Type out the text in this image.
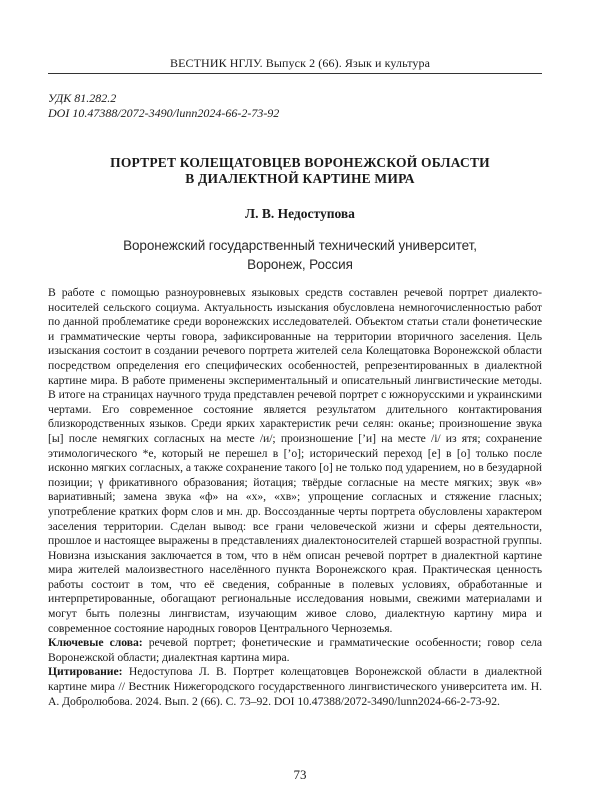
ВЕСТНИК НГЛУ. Выпуск 2 (66). Язык и культура
УДК 81.282.2
DOI 10.47388/2072-3490/lunn2024-66-2-73-92
ПОРТРЕТ КОЛЕЩАТОВЦЕВ ВОРОНЕЖСКОЙ ОБЛАСТИ
В ДИАЛЕКТНОЙ КАРТИНЕ МИРА
Л. В. Недоступова
Воронежский государственный технический университет,
Воронеж, Россия

В работе с помощью разноуровневых языковых средств составлен речевой портрет диалектоносителей сельского социума. Актуальность изыскания обусловлена немногочисленностью работ по данной проблематике среди воронежских исследователей. Объектом статьи стали фонетические и грамматические черты говора, зафиксированные на территории вторичного заселения. Цель изыскания состоит в создании речевого портрета жителей села Колещатовка Воронежской области посредством определения его специфических особенностей, репрезентированных в диалектной картине мира. В работе применены экспериментальный и описательный лингвистические методы. В итоге на страницах научного труда представлен речевой портрет с южнорусскими и украинскими чертами. Его современное состояние является результатом длительного контактирования близкородственных языков. Среди ярких характеристик речи селян: оканье; произношение звука [ы] после немягких согласных на месте /и/; произношение [’и] на месте /i/ из ятя; сохранение этимологического *е, который не перешел в [’о]; исторический переход [е] в [о] только после исконно мягких согласных, а также сохранение такого [о] не только под ударением, но в безударной позиции; γ фрикативного образования; йотация; твёрдые согласные на месте мягких; звук «в» вариативный; замена звука «ф» на «х», «хв»; упрощение согласных и стяжение гласных; употребление кратких форм слов и мн. др. Воссозданные черты портрета обусловлены характером заселения территории. Сделан вывод: все грани человеческой жизни и сферы деятельности, прошлое и настоящее выражены в представлениях диалектоносителей старшей возрастной группы. Новизна изыскания заключается в том, что в нём описан речевой портрет в диалектной картине мира жителей малоизвестного населённого пункта Воронежского края. Практическая ценность работы состоит в том, что её сведения, собранные в полевых условиях, обработанные и интерпретированные, обогащают региональные исследования новыми, свежими материалами и могут быть полезны лингвистам, изучающим живое слово, диалектную картину мира и современное состояние народных говоров Центрального Черноземья.

Ключевые слова: речевой портрет; фонетические и грамматические особенности; говор села Воронежской области; диалектная картина мира.

Цитирование: Недоступова Л. В. Портрет колещатовцев Воронежской области в диалектной картине мира // Вестник Нижегородского государственного лингвистического университета им. Н. А. Добролюбова. 2024. Вып. 2 (66). С. 73–92. DOI 10.47388/2072-3490/lunn2024-66-2-73-92.

73
